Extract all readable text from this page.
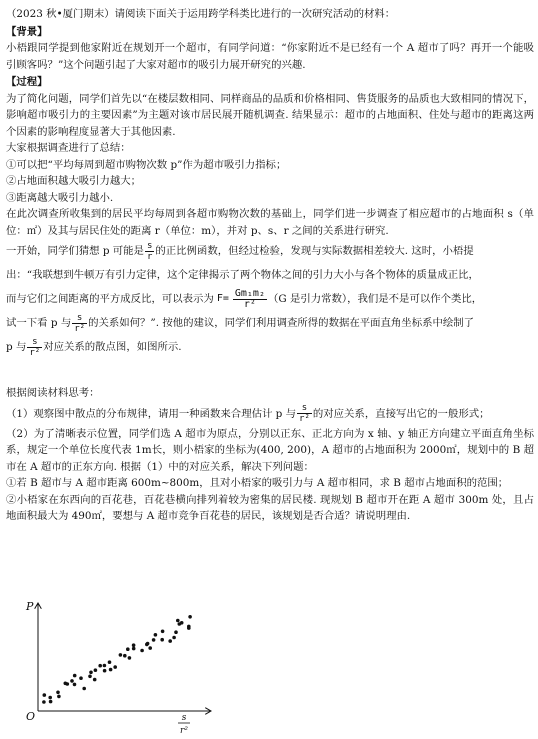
（2023 秋•厦门期末）请阅读下面关于运用跨学科类比进行的一次研究活动的材料：

【背景】

小梧跟同学提到他家附近在规划开一个超市，有同学问道：“你家附近不是已经有一个 A 超市了吗？再开一个能吸引顾客吗？”这个问题引起了大家对超市的吸引力展开研究的兴趣.

【过程】

为了简化问题，同学们首先以“在楼层数相同、同样商品的品质和价格相同、售货服务的品质也大致相同的情况下，影响超市吸引力的主要因素”为主题对该市居民展开随机调查. 结果显示：超市的占地面积、住处与超市的距离这两个因素的影响程度显著大于其他因素.

大家根据调查进行了总结：

①可以把“平均每周到超市购物次数 p”作为超市吸引力指标；

②占地面积越大吸引力越大；

③距离越大吸引力越小.

在此次调查所收集到的居民平均每周到各超市购物次数的基础上，同学们进一步调查了相应超市的占地面积 s（单位：㎡）及其与居民住处的距离 r（单位：m），并对 p、s、r 之间的关系进行研究.

一开始，同学们猜想 p 可能是 $\frac{s}{r}$ 的正比例函数，但经过检验，发现与实际数据相差较大. 这时，小梧提

出：“我联想到牛顿万有引力定律，这个定律揭示了两个物体之间的引力大小与各个物体的质量成正比，

而与它们之间距离的平方成反比，可以表示为 $F= \frac{\text{Gm₁m₂}}{\text{r²}} (G$ 是引力常数），我们是不是可以作个类比，

试一下看 p 与 $\frac{s}{\text{r²}}$ 的关系如何？”. 按他的建议，同学们利用调查所得的数据在平面直角坐标系中绘制了

p 与 $\frac{s}{\text{r²}}$ 对应关系的散点图，如图所示.

根据阅读材料思考：

（1）观察图中散点的分布规律，请用一种函数来合理估计 p 与 $\frac{s}{\text{r²}}$ 的对应关系，直接写出它的一般形式；

（2）为了清晰表示位置，同学们选 A 超市为原点，分别以正东、正北方向为 x 轴、y 轴正方向建立平面直角坐标系，规定一个单位长度代表 1m长，则小梧家的坐标为(400, 200)，A 超市的占地面积为 2000㎡，规划中的 B 超市在 A 超市的正东方向. 根据（1）中的对应关系，解决下列问题：

①若 B 超市与 A 超市距离 600m~800m，且对小梧家的吸引力与 A 超市相同，求 B 超市占地面积的范围；

②小梧家在东西向的百花巷，百花巷横向排列着较为密集的居民楼. 现规划 B 超市开在距 A 超市 300m 处，且占地面积最大为 490㎡，要想与 A 超市竞争百花巷的居民，该规划是否合适？请说明理由.

P
O	s
r²
